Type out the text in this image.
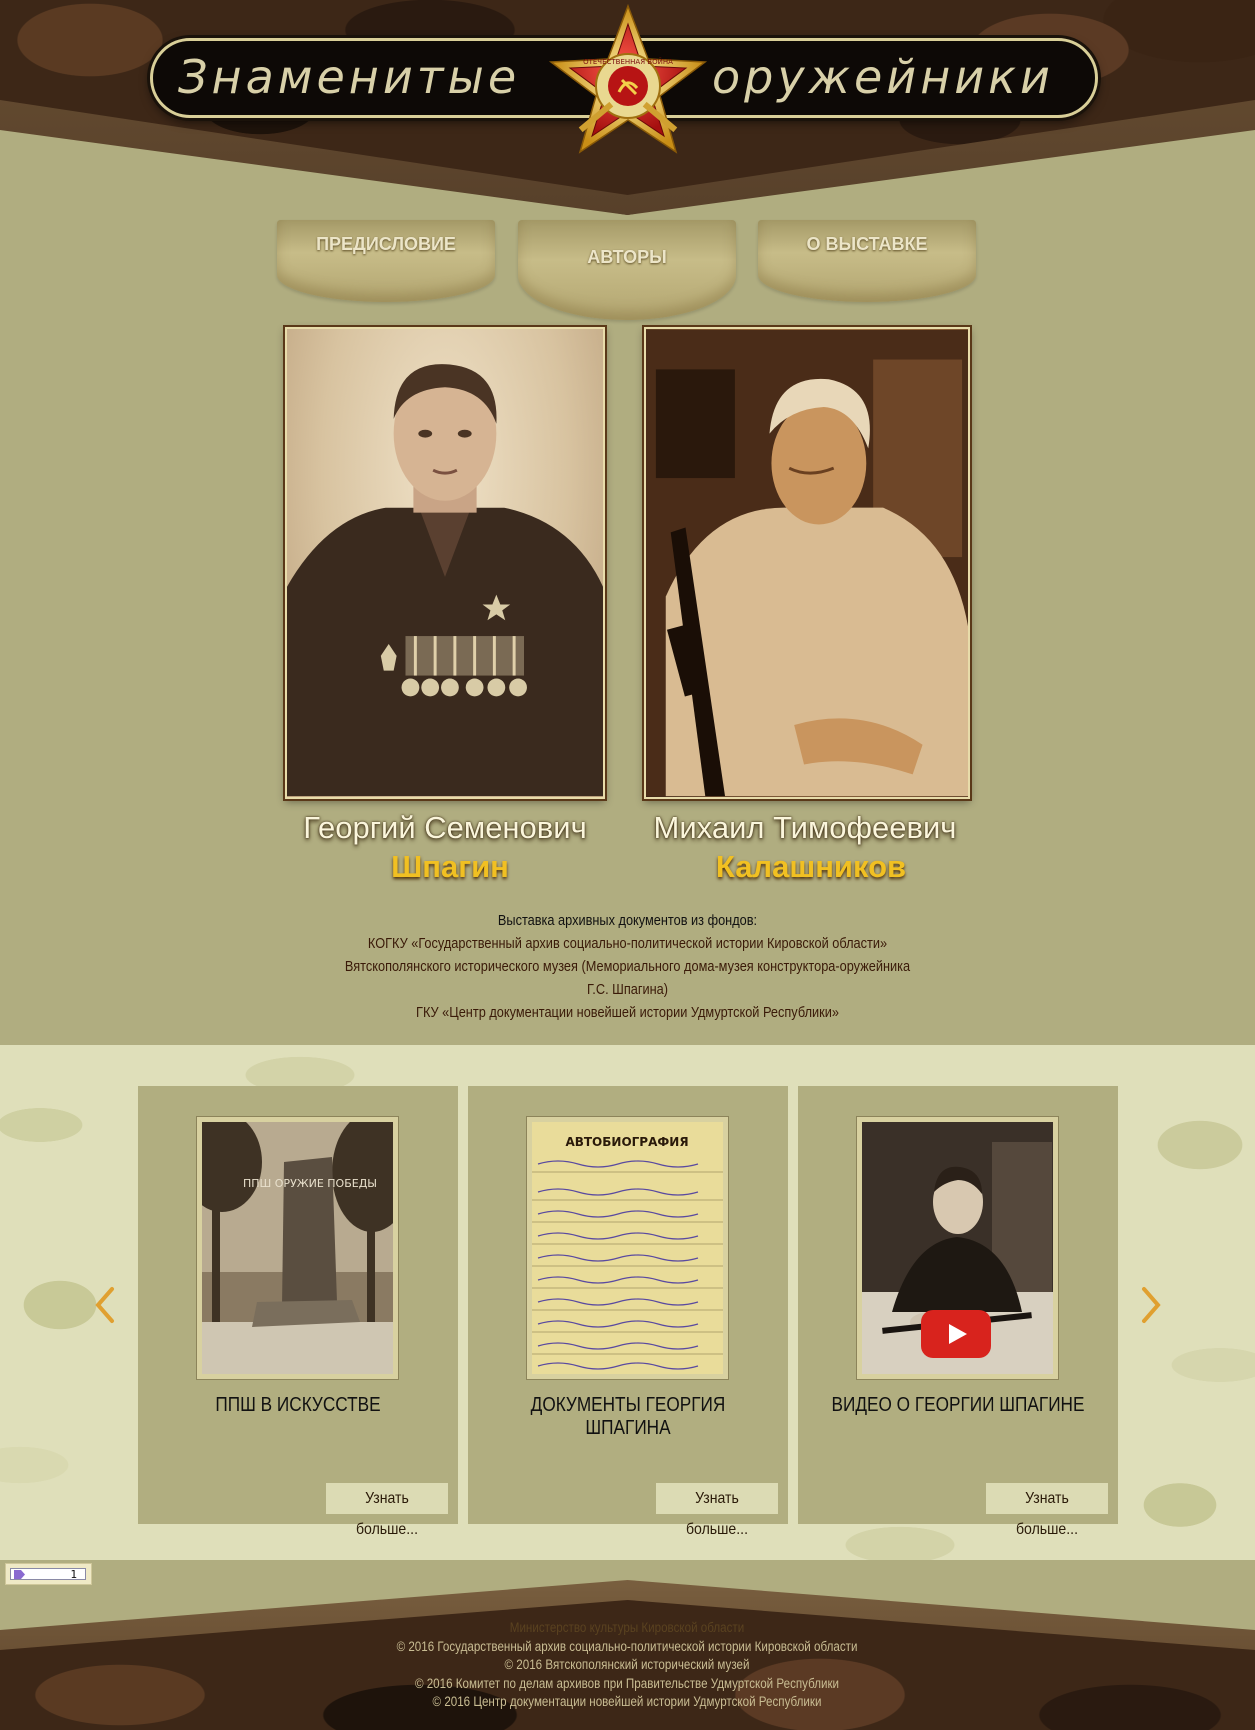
Знаменитые	оружейники
ОТЕЧЕСТВЕННАЯ ВОЙНА
ПРЕДИСЛОВИЕ
АВТОРЫ
О ВЫСТАВКЕ
Георгий Семенович
Шпагин
Михаил Тимофеевич
Калашников
Выставка архивных документов из фондов:
КОГКУ «Государственный архив социально-политической истории Кировской области»
Вятскополянского исторического музея (Мемориального дома-музея конструктора-оружейника
Г.С. Шпагина)
ГКУ «Центр документации новейшей истории Удмуртской Республики»
ППШ ОРУЖИЕ ПОБЕДЫ
ППШ В ИСКУССТВЕ
Узнать больше...
АВТОБИОГРАФИЯ
ДОКУМЕНТЫ ГЕОРГИЯ ШПАГИНА
Узнать больше...
ВИДЕО О ГЕОРГИИ ШПАГИНЕ
Узнать больше...
1
Министерство культуры Кировской области
© 2016 Государственный архив социально-политической истории Кировской области
© 2016 Вятскополянский исторический музей
© 2016 Комитет по делам архивов при Правительстве Удмуртской Республики
© 2016 Центр документации новейшей истории Удмуртской Республики
